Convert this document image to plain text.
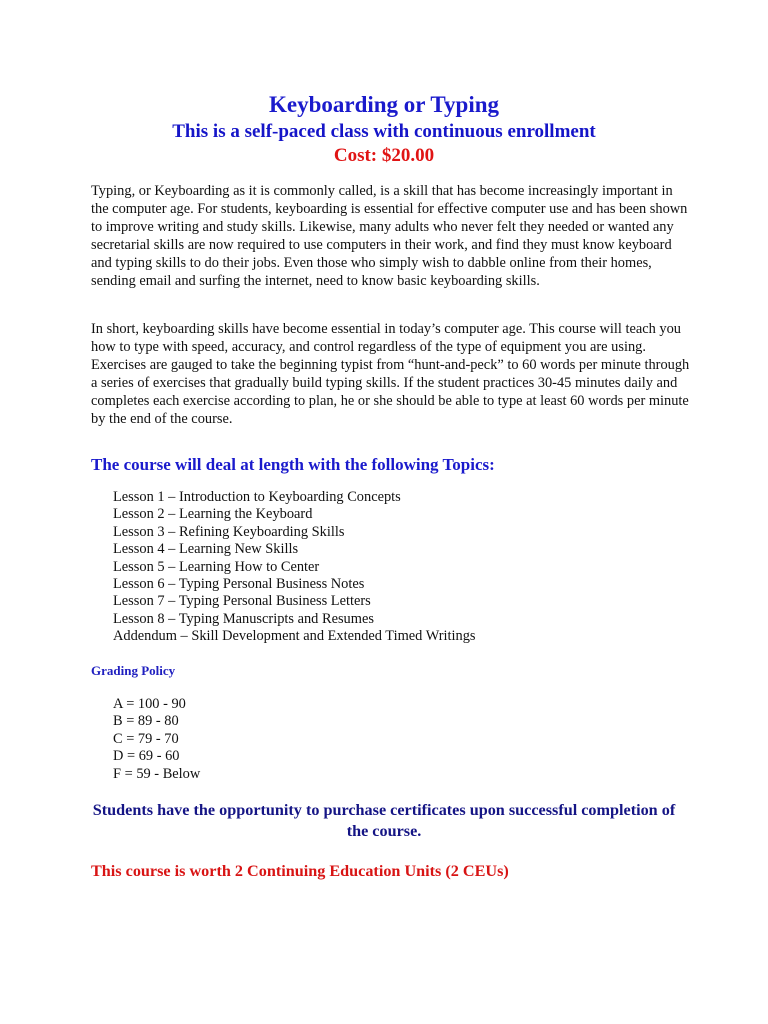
Keyboarding or Typing
This is a self-paced class with continuous enrollment
Cost: $20.00

Typing, or Keyboarding as it is commonly called, is a skill that has become increasingly important in the computer age. For students, keyboarding is essential for effective computer use and has been shown to improve writing and study skills. Likewise, many adults who never felt they needed or wanted any secretarial skills are now required to use computers in their work, and find they must know keyboard and typing skills to do their jobs. Even those who simply wish to dabble online from their homes, sending email and surfing the internet, need to know basic keyboarding skills.

In short, keyboarding skills have become essential in today’s computer age. This course will teach you how to type with speed, accuracy, and control regardless of the type of equipment you are using. Exercises are gauged to take the beginning typist from “hunt-and-peck” to 60 words per minute through a series of exercises that gradually build typing skills. If the student practices 30-45 minutes daily and completes each exercise according to plan, he or she should be able to type at least 60 words per minute by the end of the course.

The course will deal at length with the following Topics:
Lesson 1 – Introduction to Keyboarding Concepts
Lesson 2 – Learning the Keyboard
Lesson 3 – Refining Keyboarding Skills
Lesson 4 – Learning New Skills
Lesson 5 – Learning How to Center
Lesson 6 – Typing Personal Business Notes
Lesson 7 – Typing Personal Business Letters
Lesson 8 – Typing Manuscripts and Resumes
Addendum – Skill Development and Extended Timed Writings
Grading Policy
A = 100 - 90
B = 89 - 80
C = 79 - 70
D = 69 - 60
F = 59 - Below
Students have the opportunity to purchase certificates upon successful completion of the course.
This course is worth 2 Continuing Education Units (2 CEUs)
